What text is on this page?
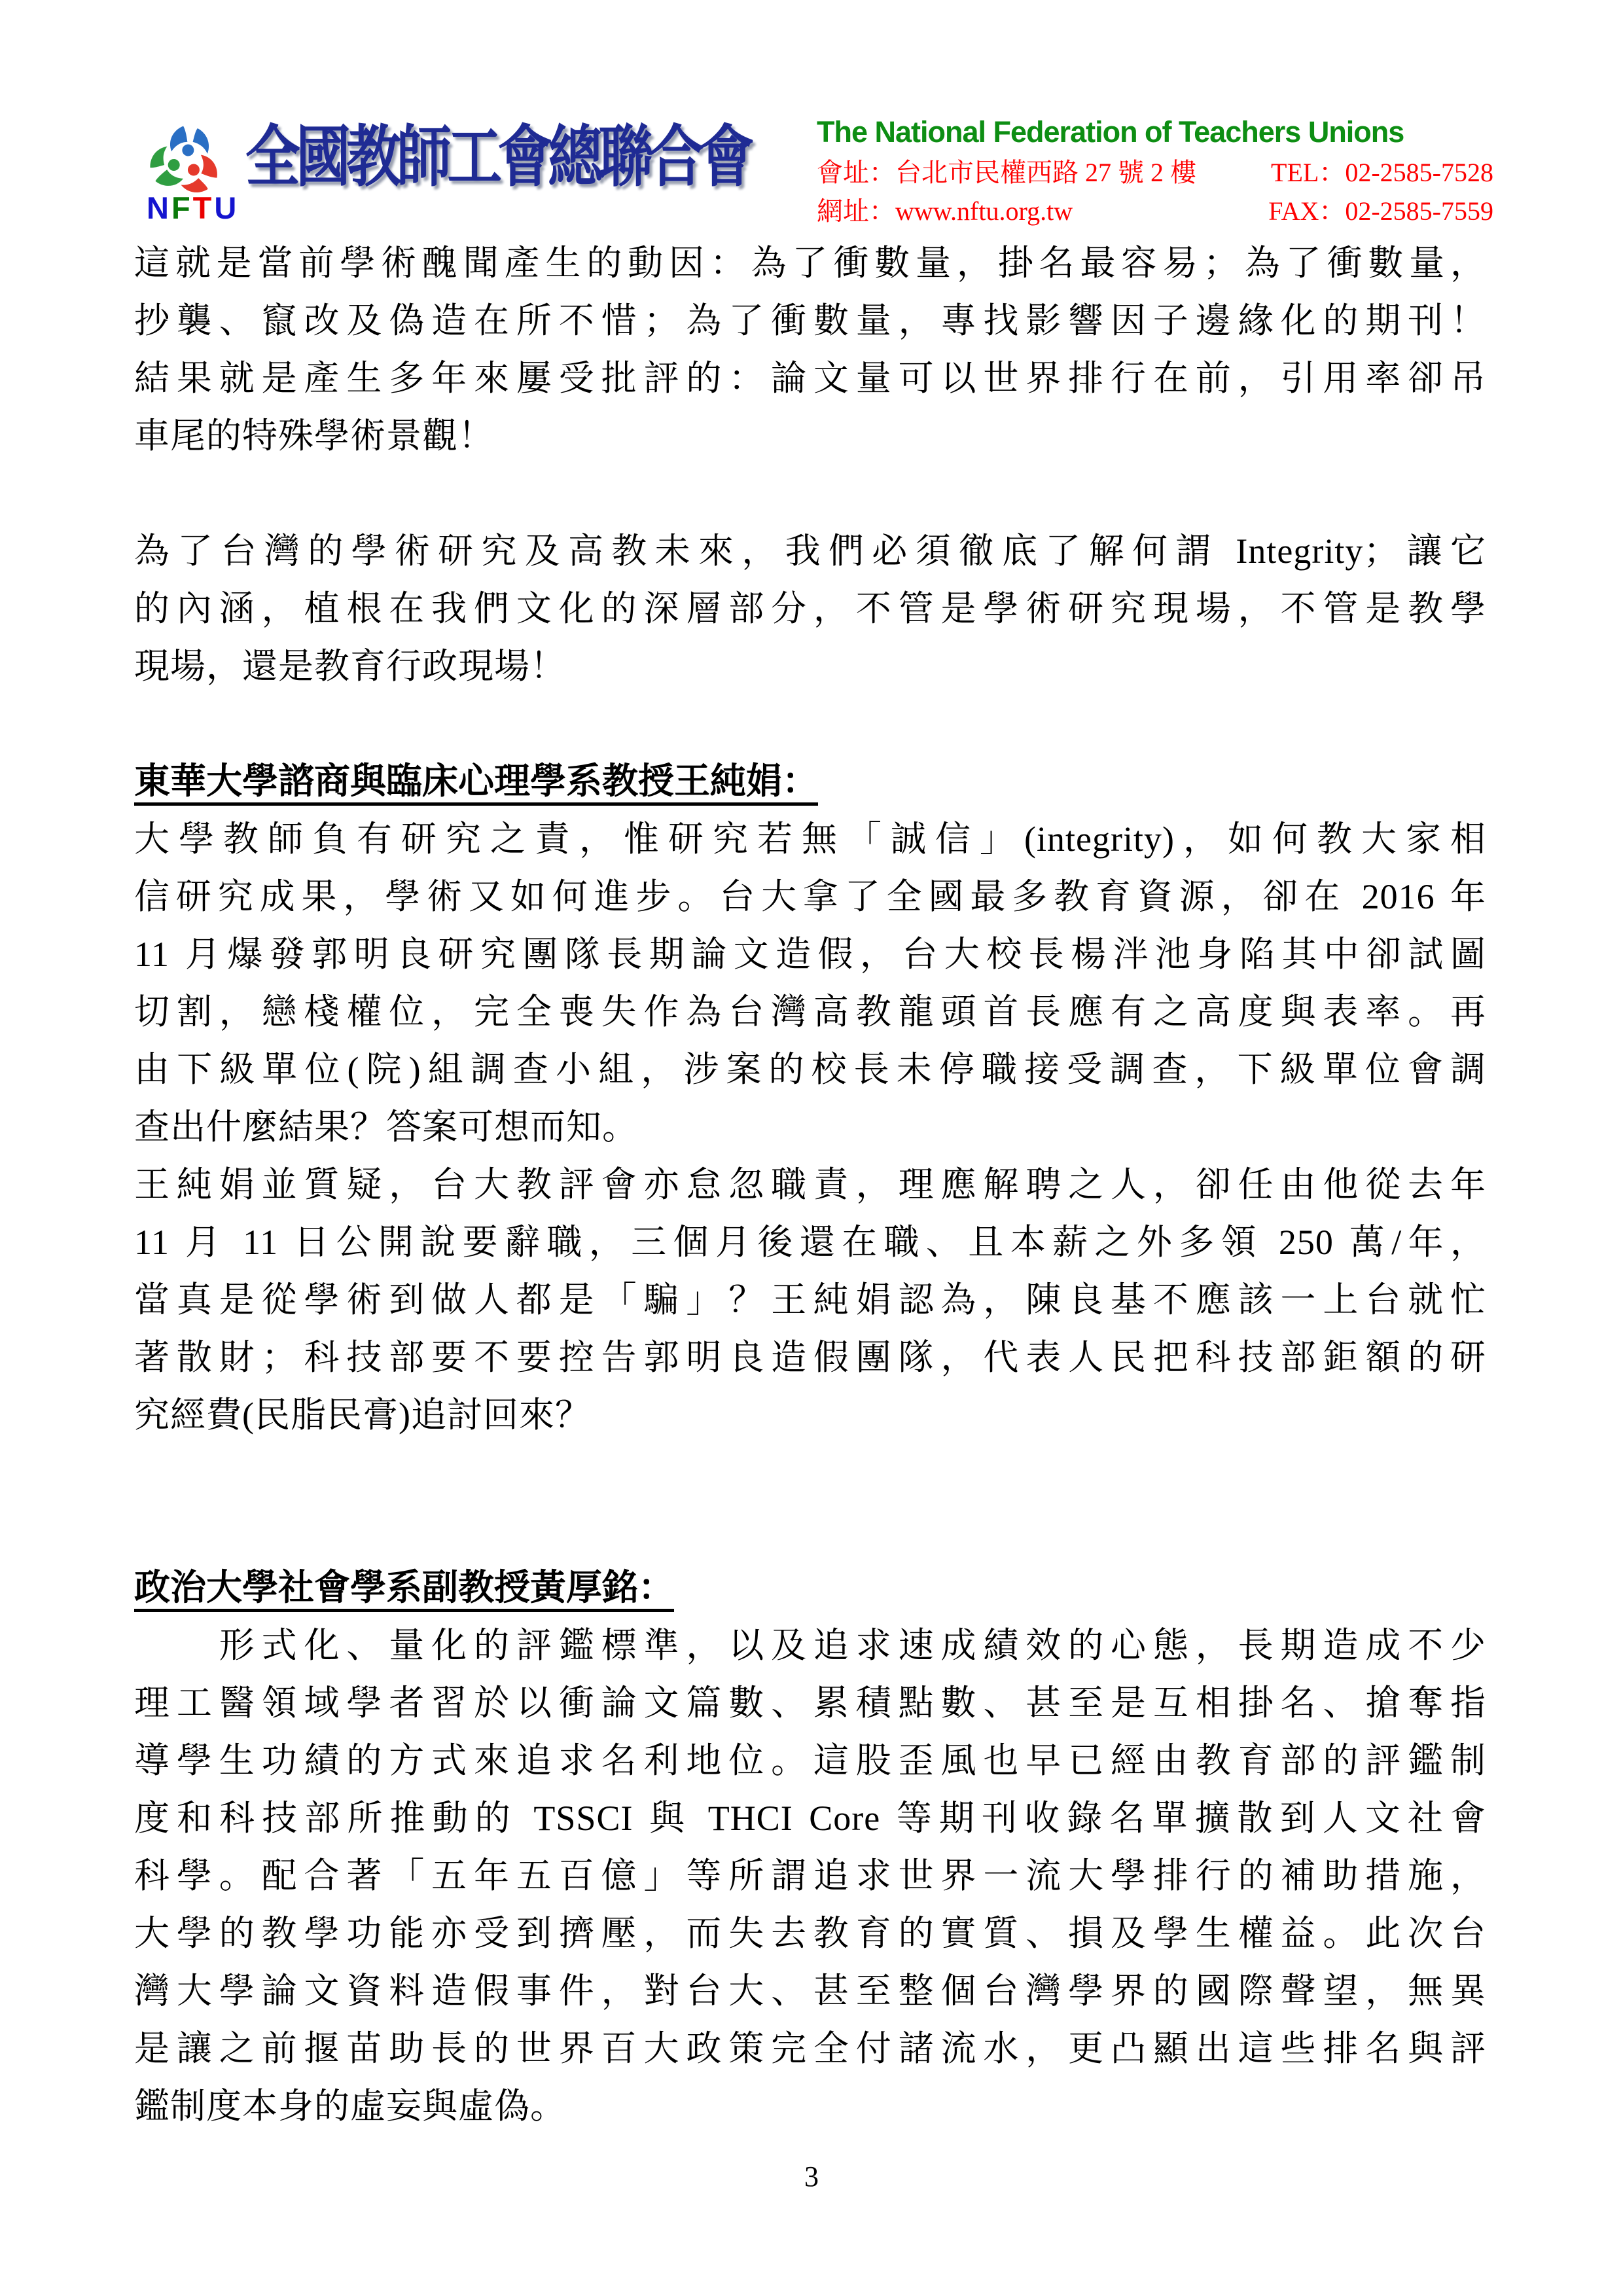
NFTU
全國教師工會總聯合會 The National Federation of Teachers Unions
會址：台北市民權西路 27 號 2 樓	TEL：02-2585-7528
網址：www.nftu.org.tw	FAX：02-2585-7559
這就是當前學術醜聞產生的動因：為了衝數量，掛名最容易；為了衝數量，
抄襲、竄改及偽造在所不惜；為了衝數量，專找影響因子邊緣化的期刊！
結果就是產生多年來屢受批評的：論文量可以世界排行在前，引用率卻吊
車尾的特殊學術景觀！
為了台灣的學術研究及高教未來，我們必須徹底了解何謂 Integrity；讓它
的內涵，植根在我們文化的深層部分，不管是學術研究現場，不管是教學
現場，還是教育行政現場！
東華大學諮商與臨床心理學系教授王純娟：
大學教師負有研究之責，惟研究若無「誠信」(integrity)，如何教大家相
信研究成果，學術又如何進步。台大拿了全國最多教育資源，卻在 2016 年
11 月爆發郭明良研究團隊長期論文造假，台大校長楊泮池身陷其中卻試圖
切割，戀棧權位，完全喪失作為台灣高教龍頭首長應有之高度與表率。再
由下級單位(院)組調查小組，涉案的校長未停職接受調查，下級單位會調
查出什麼結果？答案可想而知。
王純娟並質疑，台大教評會亦怠忽職責，理應解聘之人，卻任由他從去年
11 月 11 日公開說要辭職，三個月後還在職、且本薪之外多領 250 萬/年，
當真是從學術到做人都是「騙」？王純娟認為，陳良基不應該一上台就忙
著散財；科技部要不要控告郭明良造假團隊，代表人民把科技部鉅額的研
究經費(民脂民膏)追討回來？
政治大學社會學系副教授黃厚銘：
　　形式化、量化的評鑑標準，以及追求速成績效的心態，長期造成不少
理工醫領域學者習於以衝論文篇數、累積點數、甚至是互相掛名、搶奪指
導學生功績的方式來追求名利地位。這股歪風也早已經由教育部的評鑑制
度和科技部所推動的 TSSCI 與 THCI Core 等期刊收錄名單擴散到人文社會
科學。配合著「五年五百億」等所謂追求世界一流大學排行的補助措施，
大學的教學功能亦受到擠壓，而失去教育的實質、損及學生權益。此次台
灣大學論文資料造假事件，對台大、甚至整個台灣學界的國際聲望，無異
是讓之前揠苗助長的世界百大政策完全付諸流水，更凸顯出這些排名與評
鑑制度本身的虛妄與虛偽。
3
